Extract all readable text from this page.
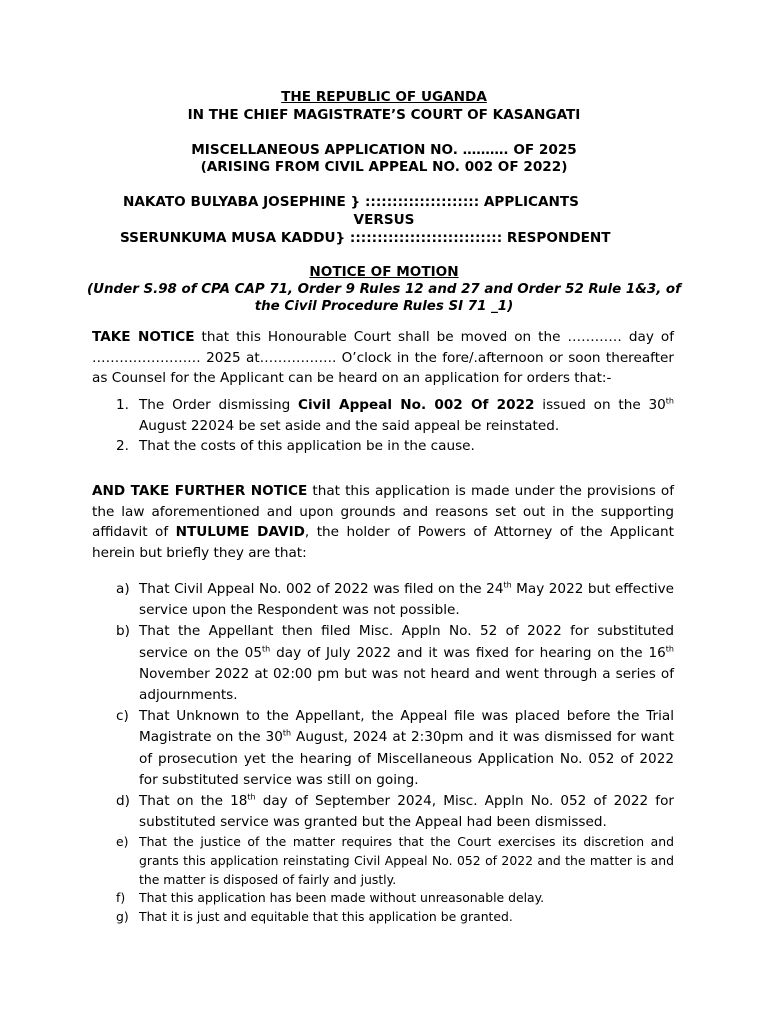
THE REPUBLIC OF UGANDA
IN THE CHIEF MAGISTRATE’S COURT OF KASANGATI
MISCELLANEOUS APPLICATION NO. ………. OF 2025
(ARISING FROM CIVIL APPEAL NO. 002 OF 2022)
NAKATO BULYABA JOSEPHINE } ::::::::::::::::::::: APPLICANTS
VERSUS
SSERUNKUMA MUSA KADDU} :::::::::::::::::::::::::::: RESPONDENT
NOTICE OF MOTION
(Under S.98 of CPA CAP 71, Order 9 Rules 12 and 27 and Order 52 Rule 1&3, of
the Civil Procedure Rules SI 71 _1)
TAKE NOTICE that this Honourable Court shall be moved on the ………… day of …………………… 2025 at…………….. O’clock in the fore/.afternoon or soon thereafter as Counsel for the Applicant can be heard on an application for orders that:-
1. The Order dismissing Civil Appeal No. 002 Of 2022 issued on the 30th August 22024 be set aside and the said appeal be reinstated.
2. That the costs of this application be in the cause.
AND TAKE FURTHER NOTICE that this application is made under the provisions of the law aforementioned and upon grounds and reasons set out in the supporting affidavit of NTULUME DAVID, the holder of Powers of Attorney of the Applicant herein but briefly they are that:
a) That Civil Appeal No. 002 of 2022 was filed on the 24th May 2022 but effective service upon the Respondent was not possible.
b) That the Appellant then filed Misc. Appln No. 52 of 2022 for substituted service on the 05th day of July 2022 and it was fixed for hearing on the 16th November 2022 at 02:00 pm but was not heard and went through a series of adjournments.
c) That Unknown to the Appellant, the Appeal file was placed before the Trial Magistrate on the 30th August, 2024 at 2:30pm and it was dismissed for want of prosecution yet the hearing of Miscellaneous Application No. 052 of 2022 for substituted service was still on going.
d) That on the 18th day of September 2024, Misc. Appln No. 052 of 2022 for substituted service was granted but the Appeal had been dismissed.
e) That the justice of the matter requires that the Court exercises its discretion and grants this application reinstating Civil Appeal No. 052 of 2022 and the matter is and the matter is disposed of fairly and justly.
f) That this application has been made without unreasonable delay.
g) That it is just and equitable that this application be granted.
